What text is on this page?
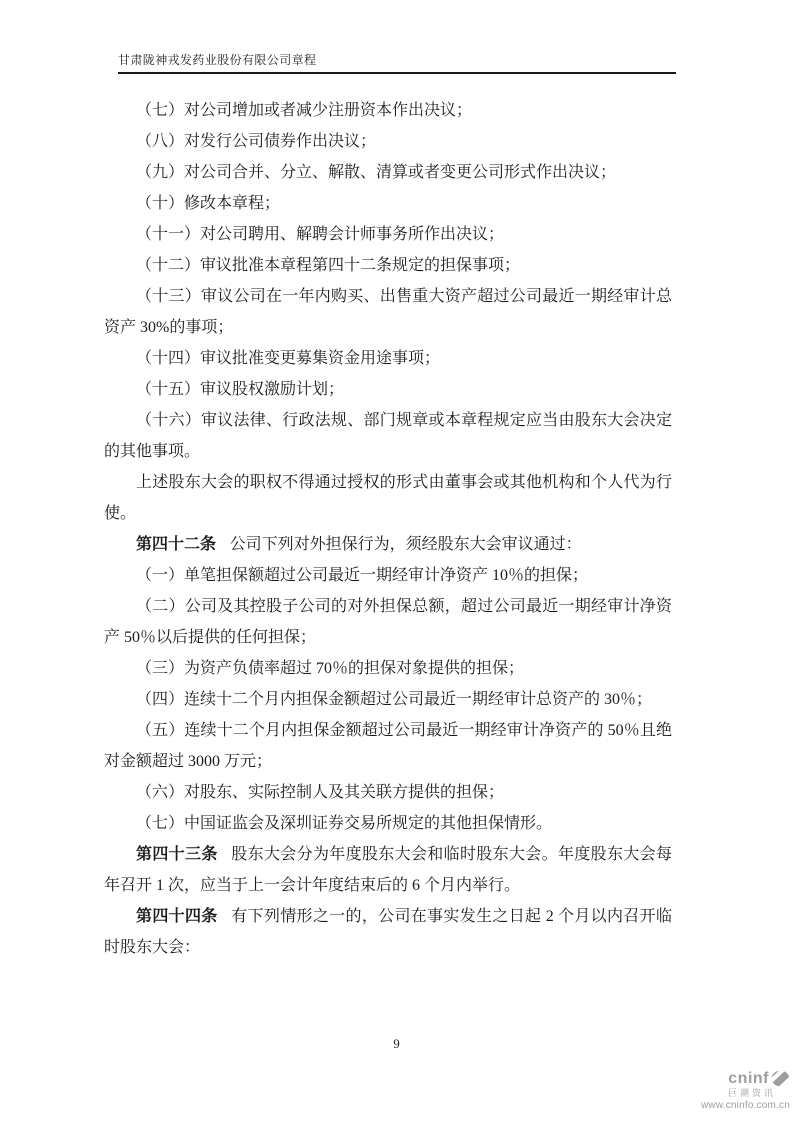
甘肃陇神戎发药业股份有限公司章程

（七）对公司增加或者减少注册资本作出决议；

（八）对发行公司债券作出决议；

（九）对公司合并、分立、解散、清算或者变更公司形式作出决议；

（十）修改本章程；

（十一）对公司聘用、解聘会计师事务所作出决议；

（十二）审议批准本章程第四十二条规定的担保事项；

（十三）审议公司在一年内购买、出售重大资产超过公司最近一期经审计总资产 30%的事项；

（十四）审议批准变更募集资金用途事项；

（十五）审议股权激励计划；

（十六）审议法律、行政法规、部门规章或本章程规定应当由股东大会决定的其他事项。

上述股东大会的职权不得通过授权的形式由董事会或其他机构和个人代为行使。

第四十二条 公司下列对外担保行为，须经股东大会审议通过：

（一）单笔担保额超过公司最近一期经审计净资产 10％的担保；

（二）公司及其控股子公司的对外担保总额，超过公司最近一期经审计净资产 50％以后提供的任何担保；

（三）为资产负债率超过 70％的担保对象提供的担保；

（四）连续十二个月内担保金额超过公司最近一期经审计总资产的 30％；

（五）连续十二个月内担保金额超过公司最近一期经审计净资产的 50％且绝对金额超过 3000 万元；

（六）对股东、实际控制人及其关联方提供的担保；

（七）中国证监会及深圳证券交易所规定的其他担保情形。

第四十三条 股东大会分为年度股东大会和临时股东大会。年度股东大会每年召开 1 次，应当于上一会计年度结束后的 6 个月内举行。

第四十四条 有下列情形之一的，公司在事实发生之日起 2 个月以内召开临时股东大会：

9
cninf
巨潮资讯
www.cninfo.com.cn
